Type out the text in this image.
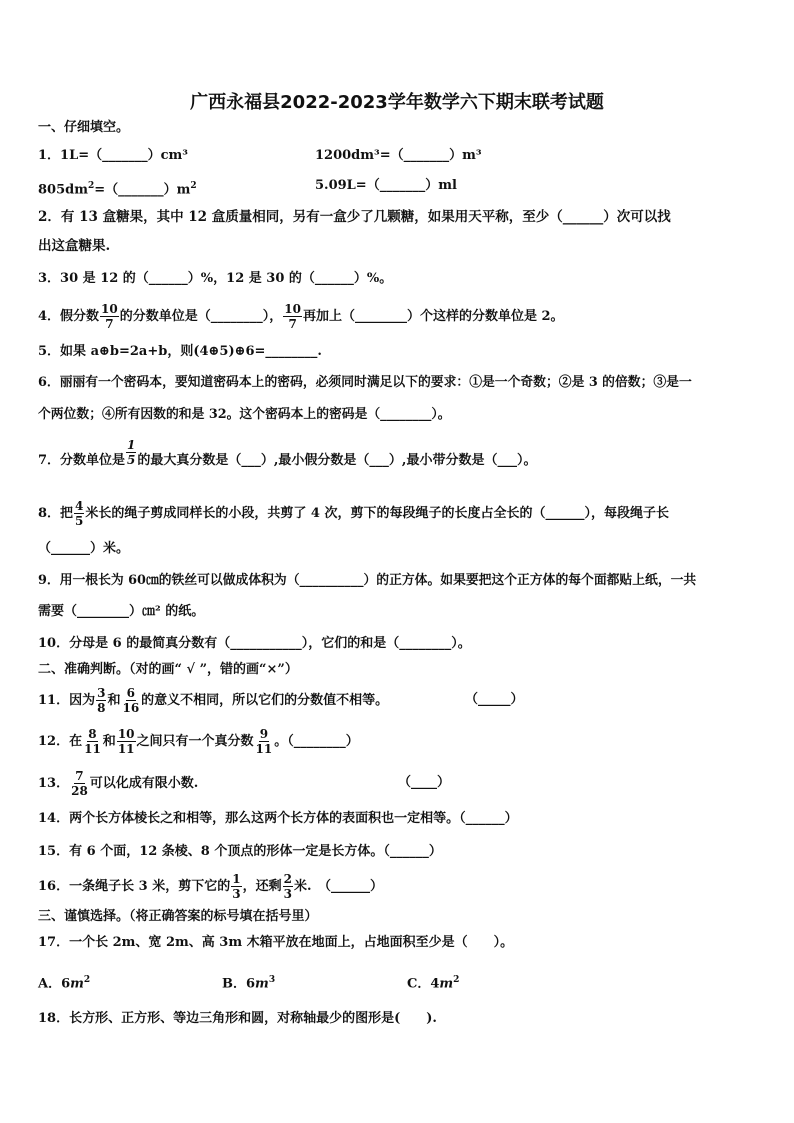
广西永福县2022-2023学年数学六下期末联考试题
一、仔细填空。
1．1L=（_______）cm³	1200dm³=（_______）m³
$805dm^2=(\_\_\_\_\_\_\_)m^2$	5.09L=（_______）ml
2．有 13 盒糖果，其中 12 盒质量相同，另有一盒少了几颗糖，如果用天平称，至少（______）次可以找
出这盒糖果.
3．30 是 12 的（______）%，12 是 30 的（______）%。
4．假分数 $\frac{10}{7}$ 的分数单位是（________）， $\frac{10}{7}$ 再加上（________）个这样的分数单位是 2。
5．如果 a⊕b=2a+b，则(4⊕5)⊕6=________.
6．丽丽有一个密码本，要知道密码本上的密码，必须同时满足以下的要求：①是一个奇数；②是 3 的倍数；③是一
个两位数；④所有因数的和是 32。这个密码本上的密码是（________）。
7．分数单位是 $\frac{1}{5}$ 的最大真分数是（___）,最小假分数是（___）,最小带分数是（___）。
8．把 $\frac{4}{5}$ 米长的绳子剪成同样长的小段，共剪了 4 次，剪下的每段绳子的长度占全长的（______），每段绳子长
（______）米。
9．用一根长为 60㎝的铁丝可以做成体积为（__________）的正方体。如果要把这个正方体的每个面都贴上纸，一共
需要（________）㎝² 的纸。
10．分母是 6 的最简真分数有（___________），它们的和是（________）。
二、准确判断。（对的画“ √ ”，错的画“×”）
11．因为 $\frac{3}{8}$ 和 $\frac{6}{16}$ 的意义不相同，所以它们的分数值不相等。	（_____）
12．在 $\frac{8}{11}$ 和 $\frac{10}{11}$ 之间只有一个真分数 $\frac{9}{11}$ 。（________）
13． $\frac{7}{28}$ 可以化成有限小数.	（____）
14．两个长方体棱长之和相等，那么这两个长方体的表面积也一定相等。（______）
15．有 6 个面，12 条棱、8 个顶点的形体一定是长方体。（______）
16．一条绳子长 3 米，剪下它的 $\frac{1}{3}$ ，还剩 $\frac{2}{3}$ 米.　（______）
三、谨慎选择。（将正确答案的标号填在括号里）
17．一个长 2m、宽 2m、高 3m 木箱平放在地面上，占地面积至少是（　　）。
A．$6m^2$	B．$6m^3$	C．$4m^2$
18．长方形、正方形、等边三角形和圆，对称轴最少的图形是(　　).
